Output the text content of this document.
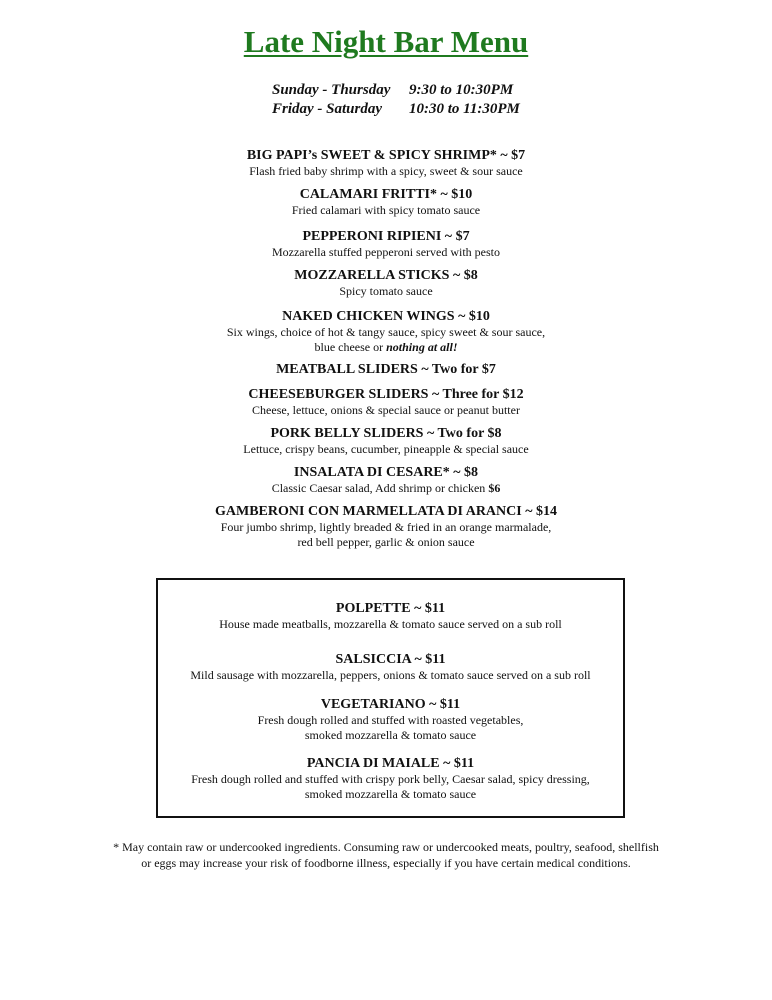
Late Night Bar Menu
Sunday - Thursday	9:30 to 10:30PM
Friday - Saturday	10:30 to 11:30PM
BIG PAPI’s SWEET & SPICY SHRIMP* ~ $7
Flash fried baby shrimp with a spicy, sweet & sour sauce
CALAMARI FRITTI* ~ $10
Fried calamari with spicy tomato sauce
PEPPERONI RIPIENI ~ $7
Mozzarella stuffed pepperoni served with pesto
MOZZARELLA STICKS ~ $8
Spicy tomato sauce
NAKED CHICKEN WINGS ~ $10
Six wings, choice of hot & tangy sauce, spicy sweet & sour sauce,
blue cheese or nothing at all!
MEATBALL SLIDERS ~ Two for $7
CHEESEBURGER SLIDERS ~ Three for $12
Cheese, lettuce, onions & special sauce or peanut butter
PORK BELLY SLIDERS ~ Two for $8
Lettuce, crispy beans, cucumber, pineapple & special sauce
INSALATA DI CESARE* ~ $8
Classic Caesar salad, Add shrimp or chicken $6
GAMBERONI CON MARMELLATA DI ARANCI ~ $14
Four jumbo shrimp, lightly breaded & fried in an orange marmalade,
red bell pepper, garlic & onion sauce
POLPETTE ~ $11
House made meatballs, mozzarella & tomato sauce served on a sub roll
SALSICCIA ~ $11
Mild sausage with mozzarella, peppers, onions & tomato sauce served on a sub roll
VEGETARIANO ~ $11
Fresh dough rolled and stuffed with roasted vegetables,
smoked mozzarella & tomato sauce
PANCIA DI MAIALE ~ $11
Fresh dough rolled and stuffed with crispy pork belly, Caesar salad, spicy dressing,
smoked mozzarella & tomato sauce
* May contain raw or undercooked ingredients. Consuming raw or undercooked meats, poultry, seafood, shellfish
or eggs may increase your risk of foodborne illness, especially if you have certain medical conditions.
